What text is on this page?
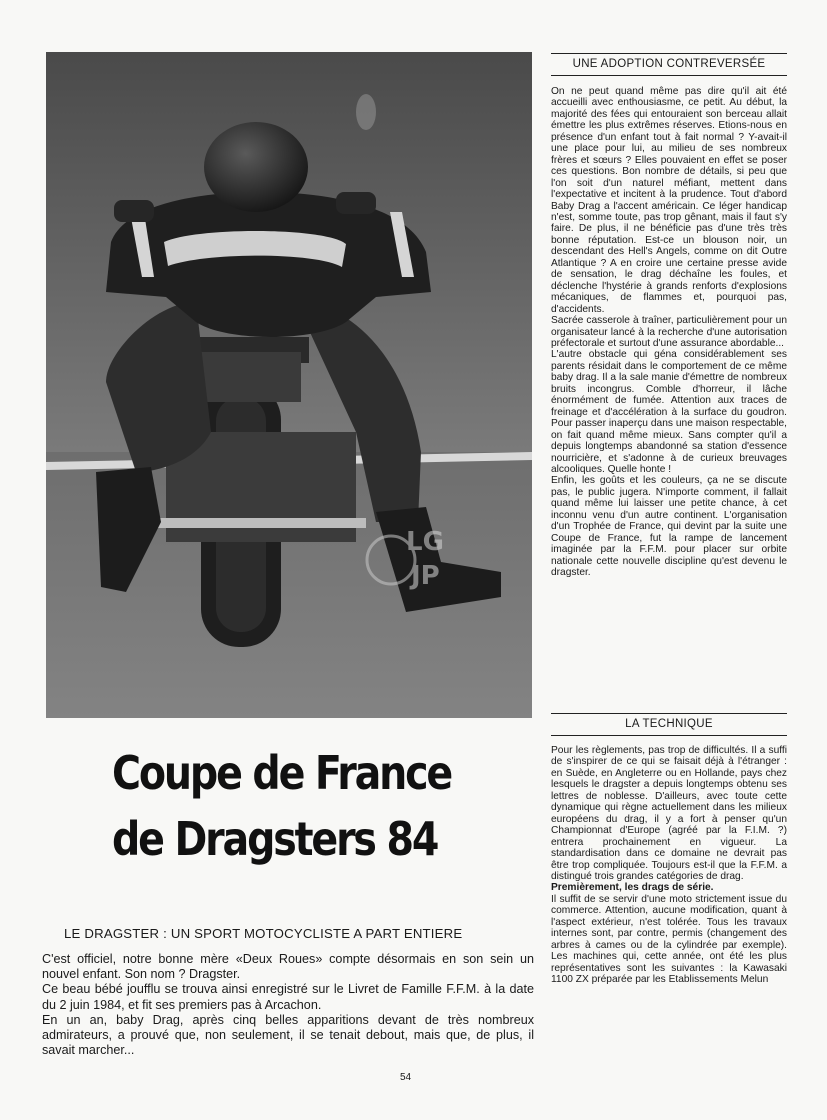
LG
JP
Coupe de France
de Dragsters 84
LE DRAGSTER : UN SPORT MOTOCYCLISTE A PART ENTIERE

C'est officiel, notre bonne mère «Deux Roues» compte désormais en son sein un nouvel enfant. Son nom ? Dragster.

Ce beau bébé joufflu se trouva ainsi enregistré sur le Livret de Famille F.F.M. à la date du 2 juin 1984, et fit ses premiers pas à Arcachon.

En un an, baby Drag, après cinq belles apparitions devant de très nombreux admirateurs, a prouvé que, non seulement, il se tenait debout, mais que, de plus, il savait marcher...

UNE ADOPTION CONTREVERSÉE

On ne peut quand même pas dire qu'il ait été accueilli avec enthousiasme, ce petit. Au début, la majorité des fées qui entouraient son berceau allait émettre les plus extrêmes réserves. Etions-nous en présence d'un enfant tout à fait normal ? Y-avait-il une place pour lui, au milieu de ses nombreux frères et sœurs ? Elles pouvaient en effet se poser ces questions. Bon nombre de détails, si peu que l'on soit d'un naturel méfiant, mettent dans l'expectative et incitent à la prudence. Tout d'abord Baby Drag a l'accent américain. Ce léger handicap n'est, somme toute, pas trop gênant, mais il faut s'y faire. De plus, il ne bénéficie pas d'une très très bonne réputation. Est-ce un blouson noir, un descendant des Hell's Angels, comme on dit Outre Atlantique ? A en croire une certaine presse avide de sensation, le drag déchaîne les foules, et déclenche l'hystérie à grands renforts d'explosions mécaniques, de flammes et, pourquoi pas, d'accidents.

Sacrée casserole à traîner, particulièrement pour un organisateur lancé à la recherche d'une autorisation préfectorale et surtout d'une assurance abordable...

L'autre obstacle qui géna considérablement ses parents résidait dans le comportement de ce même baby drag. Il a la sale manie d'émettre de nombreux bruits incongrus. Comble d'horreur, il lâche énormément de fumée. Attention aux traces de freinage et d'accélération à la surface du goudron. Pour passer inaperçu dans une maison respectable, on fait quand même mieux. Sans compter qu'il a depuis longtemps abandonné sa station d'essence nourricière, et s'adonne à de curieux breuvages alcooliques. Quelle honte !

Enfin, les goûts et les couleurs, ça ne se discute pas, le public jugera. N'importe comment, il fallait quand même lui laisser une petite chance, à cet inconnu venu d'un autre continent. L'organisation d'un Trophée de France, qui devint par la suite une Coupe de France, fut la rampe de lancement imaginée par la F.F.M. pour placer sur orbite nationale cette nouvelle discipline qu'est devenu le dragster.

LA TECHNIQUE

Pour les règlements, pas trop de difficultés. Il a suffi de s'inspirer de ce qui se faisait déjà à l'étranger : en Suède, en Angleterre ou en Hollande, pays chez lesquels le dragster a depuis longtemps obtenu ses lettres de noblesse. D'ailleurs, avec toute cette dynamique qui règne actuellement dans les milieux européens du drag, il y a fort à penser qu'un Championnat d'Europe (agréé par la F.I.M. ?) entrera prochainement en vigueur. La standardisation dans ce domaine ne devrait pas être trop compliquée. Toujours est-il que la F.F.M. a distingué trois grandes catégories de drag.

Premièrement, les drags de série.

Il suffit de se servir d'une moto strictement issue du commerce. Attention, aucune modification, quant à l'aspect extérieur, n'est tolérée. Tous les travaux internes sont, par contre, permis (changement des arbres à cames ou de la cylindrée par exemple). Les machines qui, cette année, ont été les plus représentatives sont les suivantes : la Kawasaki 1100 ZX préparée par les Etablissements Melun

54
